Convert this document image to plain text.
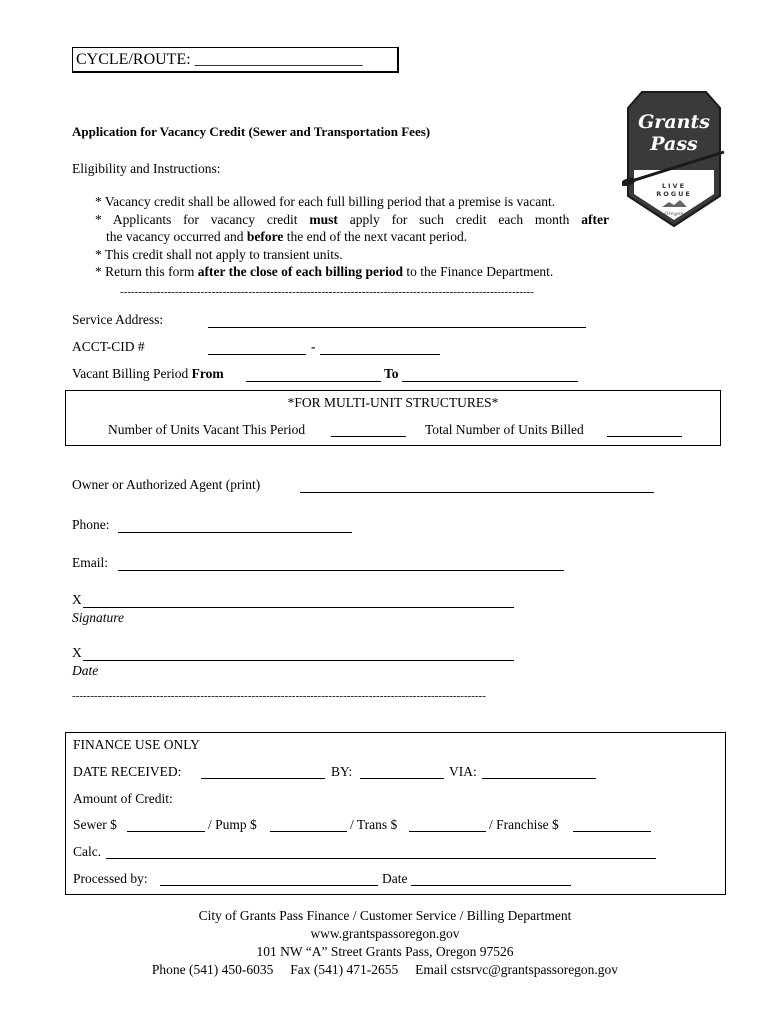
CYCLE/ROUTE: _____________________
Grants
Pass
LIVE
ROGUE
Oregon
Application for Vacancy Credit (Sewer and Transportation Fees)
Eligibility and Instructions:
* Vacancy credit shall be allowed for each full billing period that a premise is vacant.
* Applicants for vacancy credit must apply for such credit each month after
the vacancy occurred and before the end of the next vacant period.
* This credit shall not apply to transient units.
* Return this form after the close of each billing period to the Finance Department.
-----------------------------------------------------------------------------------------------------------------
Service Address:
ACCT-CID #	-
Vacant Billing Period From	To
*FOR MULTI-UNIT STRUCTURES*
Number of Units Vacant This Period	Total Number of Units Billed
Owner or Authorized Agent (print)
Phone:
Email:
X
Signature
X
Date
-----------------------------------------------------------------------------------------------------------------
FINANCE USE ONLY
DATE RECEIVED:	BY:	VIA:
Amount of Credit:
Sewer $	/ Pump $	/ Trans $	/ Franchise $
Calc.
Processed by:	Date
City of Grants Pass Finance / Customer Service / Billing Department
www.grantspassoregon.gov
101 NW “A” Street Grants Pass, Oregon 97526
Phone (541) 450-6035 Fax (541) 471-2655 Email cstsrvc@grantspassoregon.gov
